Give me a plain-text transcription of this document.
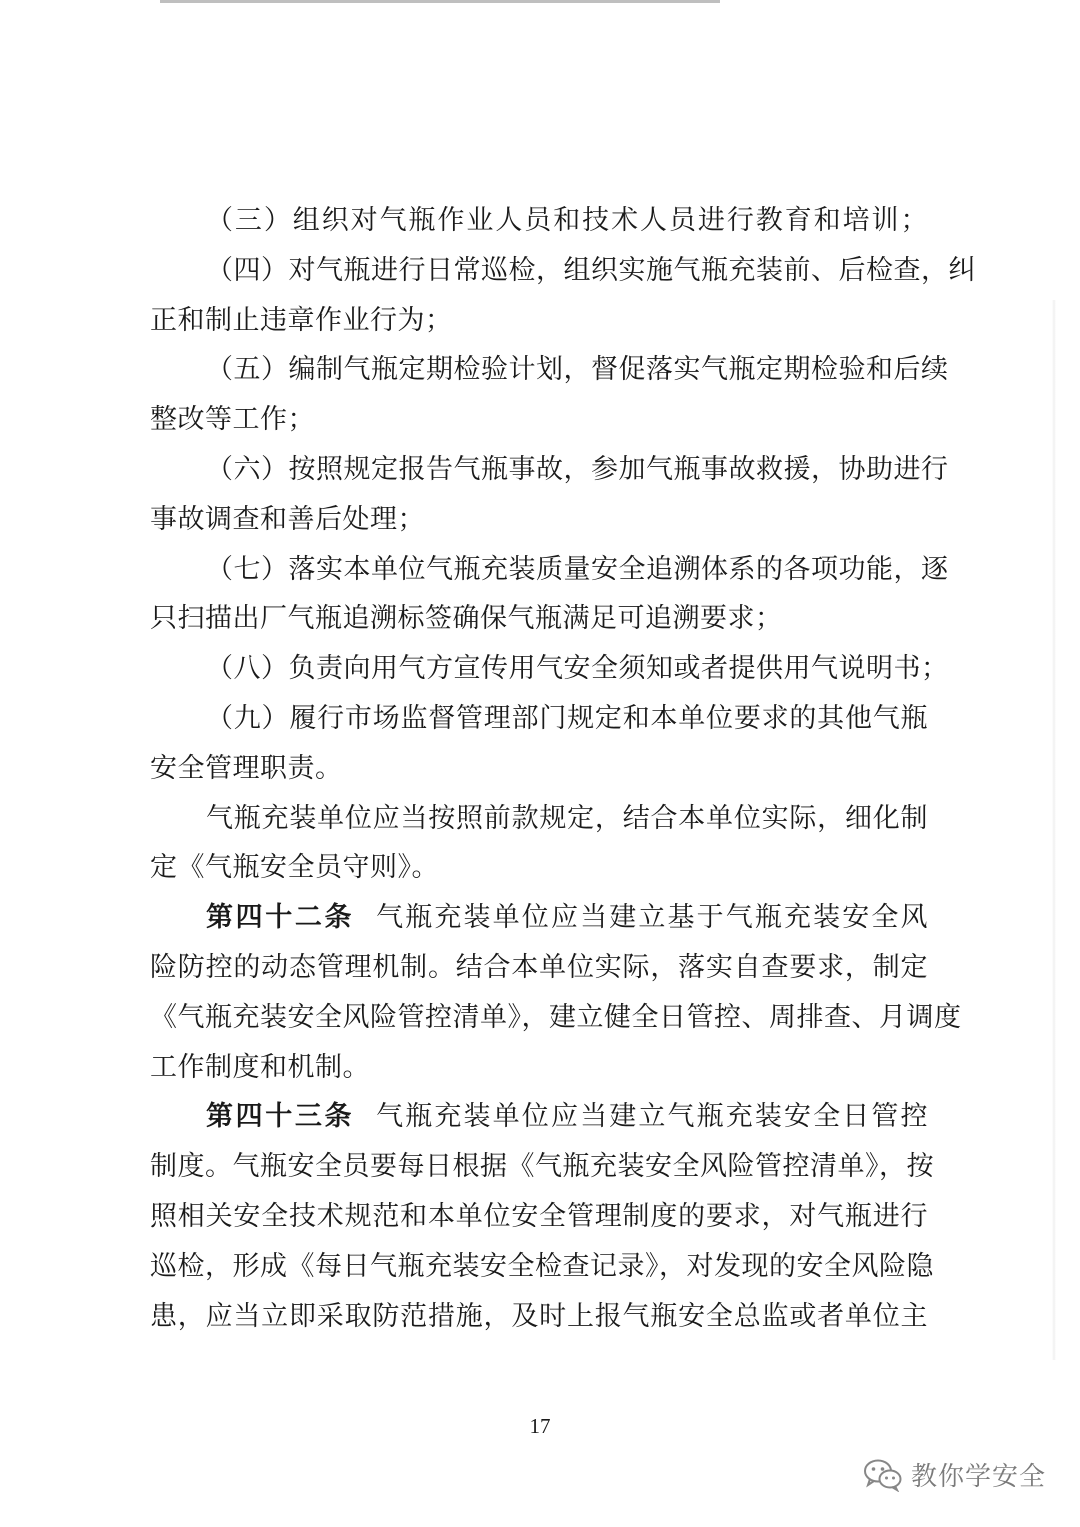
（三）组织对气瓶作业人员和技术人员进行教育和培训；
（四）对气瓶进行日常巡检，组织实施气瓶充装前、后检查，纠
正和制止违章作业行为；
（五）编制气瓶定期检验计划，督促落实气瓶定期检验和后续
整改等工作；
（六）按照规定报告气瓶事故，参加气瓶事故救援，协助进行
事故调查和善后处理；
（七）落实本单位气瓶充装质量安全追溯体系的各项功能，逐
只扫描出厂气瓶追溯标签确保气瓶满足可追溯要求；
（八）负责向用气方宣传用气安全须知或者提供用气说明书；
（九）履行市场监督管理部门规定和本单位要求的其他气瓶
安全管理职责。
气瓶充装单位应当按照前款规定，结合本单位实际，细化制
定《气瓶安全员守则》。
第四十二条 气瓶充装单位应当建立基于气瓶充装安全风
险防控的动态管理机制。结合本单位实际，落实自查要求，制定
《气瓶充装安全风险管控清单》，建立健全日管控、周排查、月调度
工作制度和机制。
第四十三条 气瓶充装单位应当建立气瓶充装安全日管控
制度。气瓶安全员要每日根据《气瓶充装安全风险管控清单》，按
照相关安全技术规范和本单位安全管理制度的要求，对气瓶进行
巡检，形成《每日气瓶充装安全检查记录》，对发现的安全风险隐
患，应当立即采取防范措施，及时上报气瓶安全总监或者单位主
17
教你学安全
